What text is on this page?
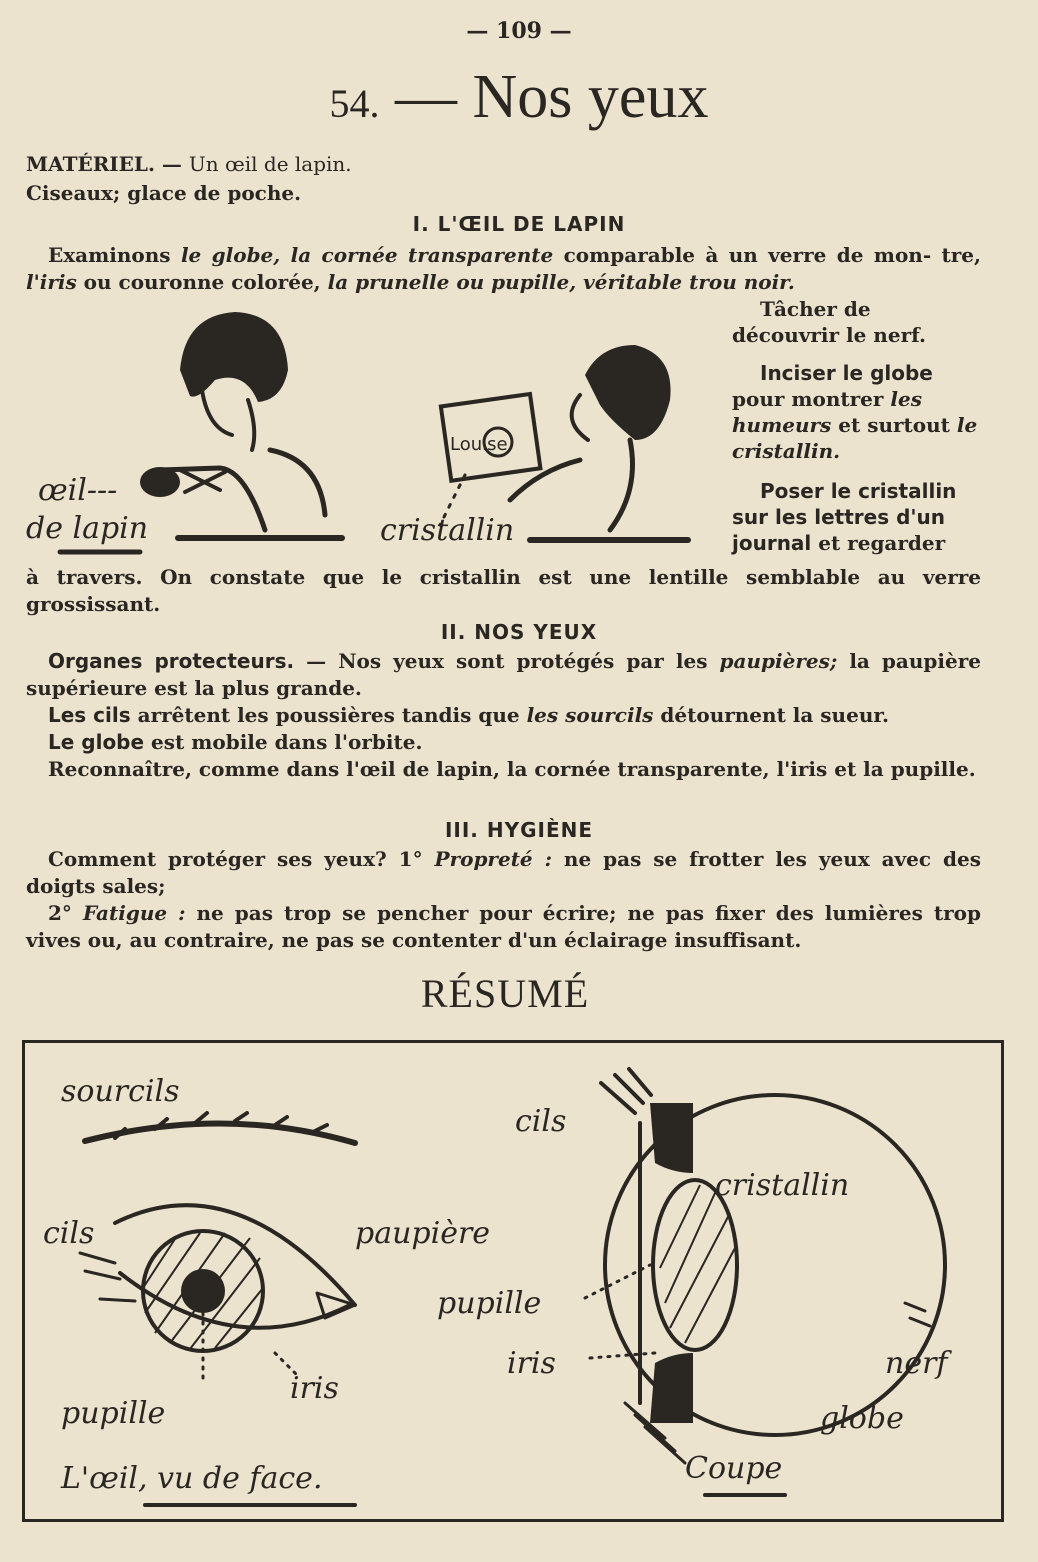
— 109 —
54. — Nos yeux
MATÉRIEL. — Un œil de lapin.
Ciseaux; glace de poche.
I. L'ŒIL DE LAPIN
Examinons le globe, la cornée transparente comparable à un verre de mon- tre, l'iris ou couronne colorée, la prunelle ou pupille, véritable trou noir.
Tâcher de découvrir le nerf.
Inciser le globe pour montrer les humeurs et surtout le cristallin.
Poser le cristallin sur les lettres d'un journal et regarder
à travers. On constate que le cristallin est une lentille semblable au verre grossissant.
œil---
de lapin
Louise
cristallin
II. NOS YEUX
Organes protecteurs. — Nos yeux sont protégés par les paupières; la paupière supérieure est la plus grande.
Les cils arrêtent les poussières tandis que les sourcils détournent la sueur.
Le globe est mobile dans l'orbite.
Reconnaître, comme dans l'œil de lapin, la cornée transparente, l'iris et la pupille.
III. HYGIÈNE
Comment protéger ses yeux? 1° Propreté : ne pas se frotter les yeux avec des doigts sales;
2° Fatigue : ne pas trop se pencher pour écrire; ne pas fixer des lumières trop vives ou, au contraire, ne pas se contenter d'un éclairage insuffisant.
RÉSUMÉ
sourcils
cils	paupière
iris
pupille
L'œil, vu de face.
cils
cristallin
pupille
iris	nerf
globe
Coupe
